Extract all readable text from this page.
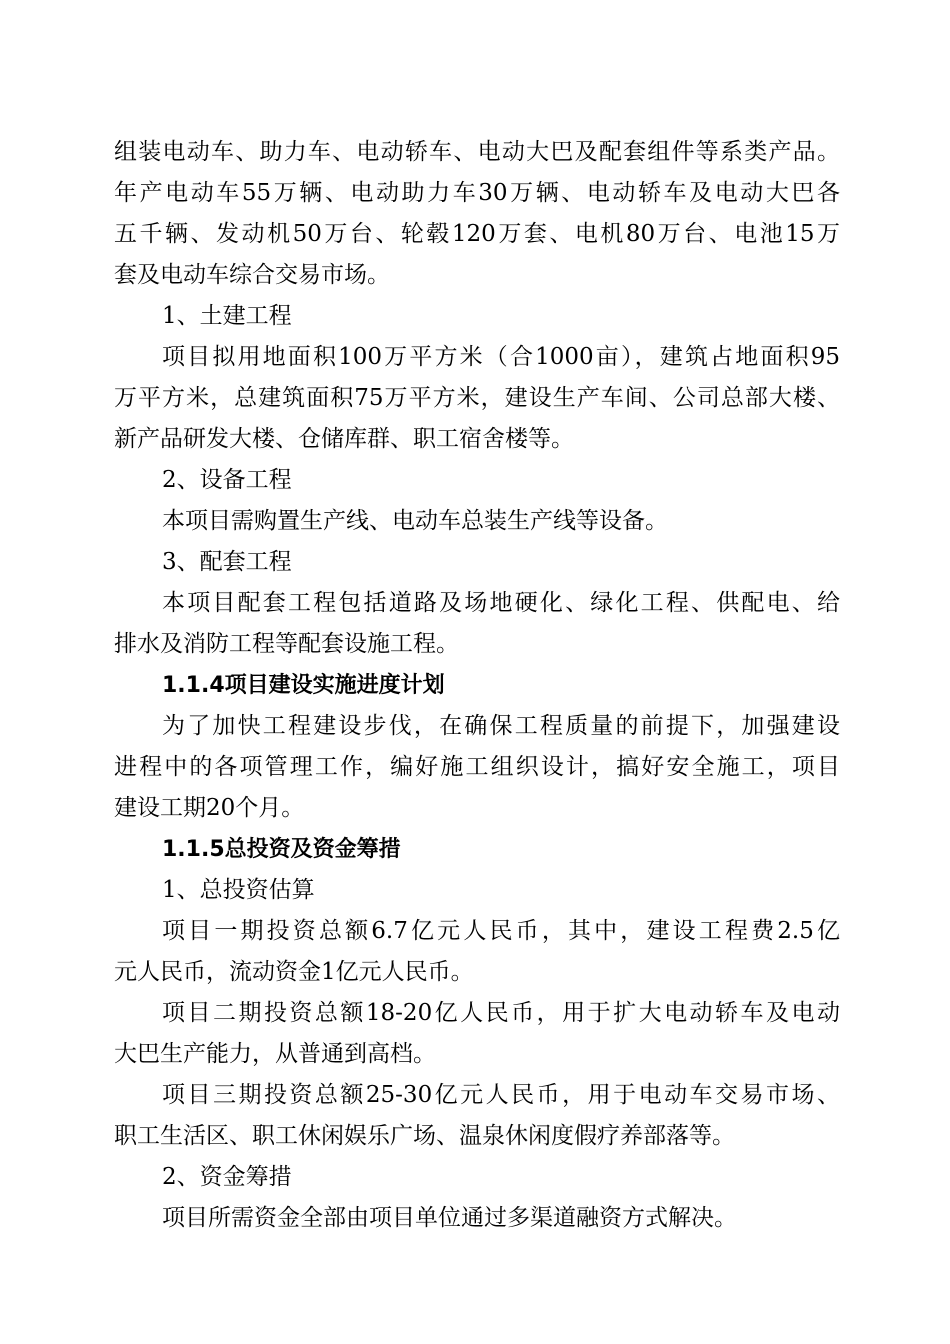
组装电动车、助力车、电动轿车、电动大巴及配套组件等系类产品。
年产电动车55万辆、电动助力车30万辆、电动轿车及电动大巴各
五千辆、发动机50万台、轮毂120万套、电机80万台、电池15万
套及电动车综合交易市场。
1、土建工程
项目拟用地面积100万平方米（合1000亩），建筑占地面积95
万平方米，总建筑面积75万平方米，建设生产车间、公司总部大楼、
新产品研发大楼、仓储库群、职工宿舍楼等。
2、设备工程
本项目需购置生产线、电动车总装生产线等设备。
3、配套工程
本项目配套工程包括道路及场地硬化、绿化工程、供配电、给
排水及消防工程等配套设施工程。
1.1.4项目建设实施进度计划
为了加快工程建设步伐，在确保工程质量的前提下，加强建设
进程中的各项管理工作，编好施工组织设计，搞好安全施工，项目
建设工期20个月。
1.1.5总投资及资金筹措
1、总投资估算
项目一期投资总额6.7亿元人民币，其中，建设工程费2.5亿
元人民币，流动资金1亿元人民币。
项目二期投资总额18-20亿人民币，用于扩大电动轿车及电动
大巴生产能力，从普通到高档。
项目三期投资总额25-30亿元人民币，用于电动车交易市场、
职工生活区、职工休闲娱乐广场、温泉休闲度假疗养部落等。
2、资金筹措
项目所需资金全部由项目单位通过多渠道融资方式解决。
